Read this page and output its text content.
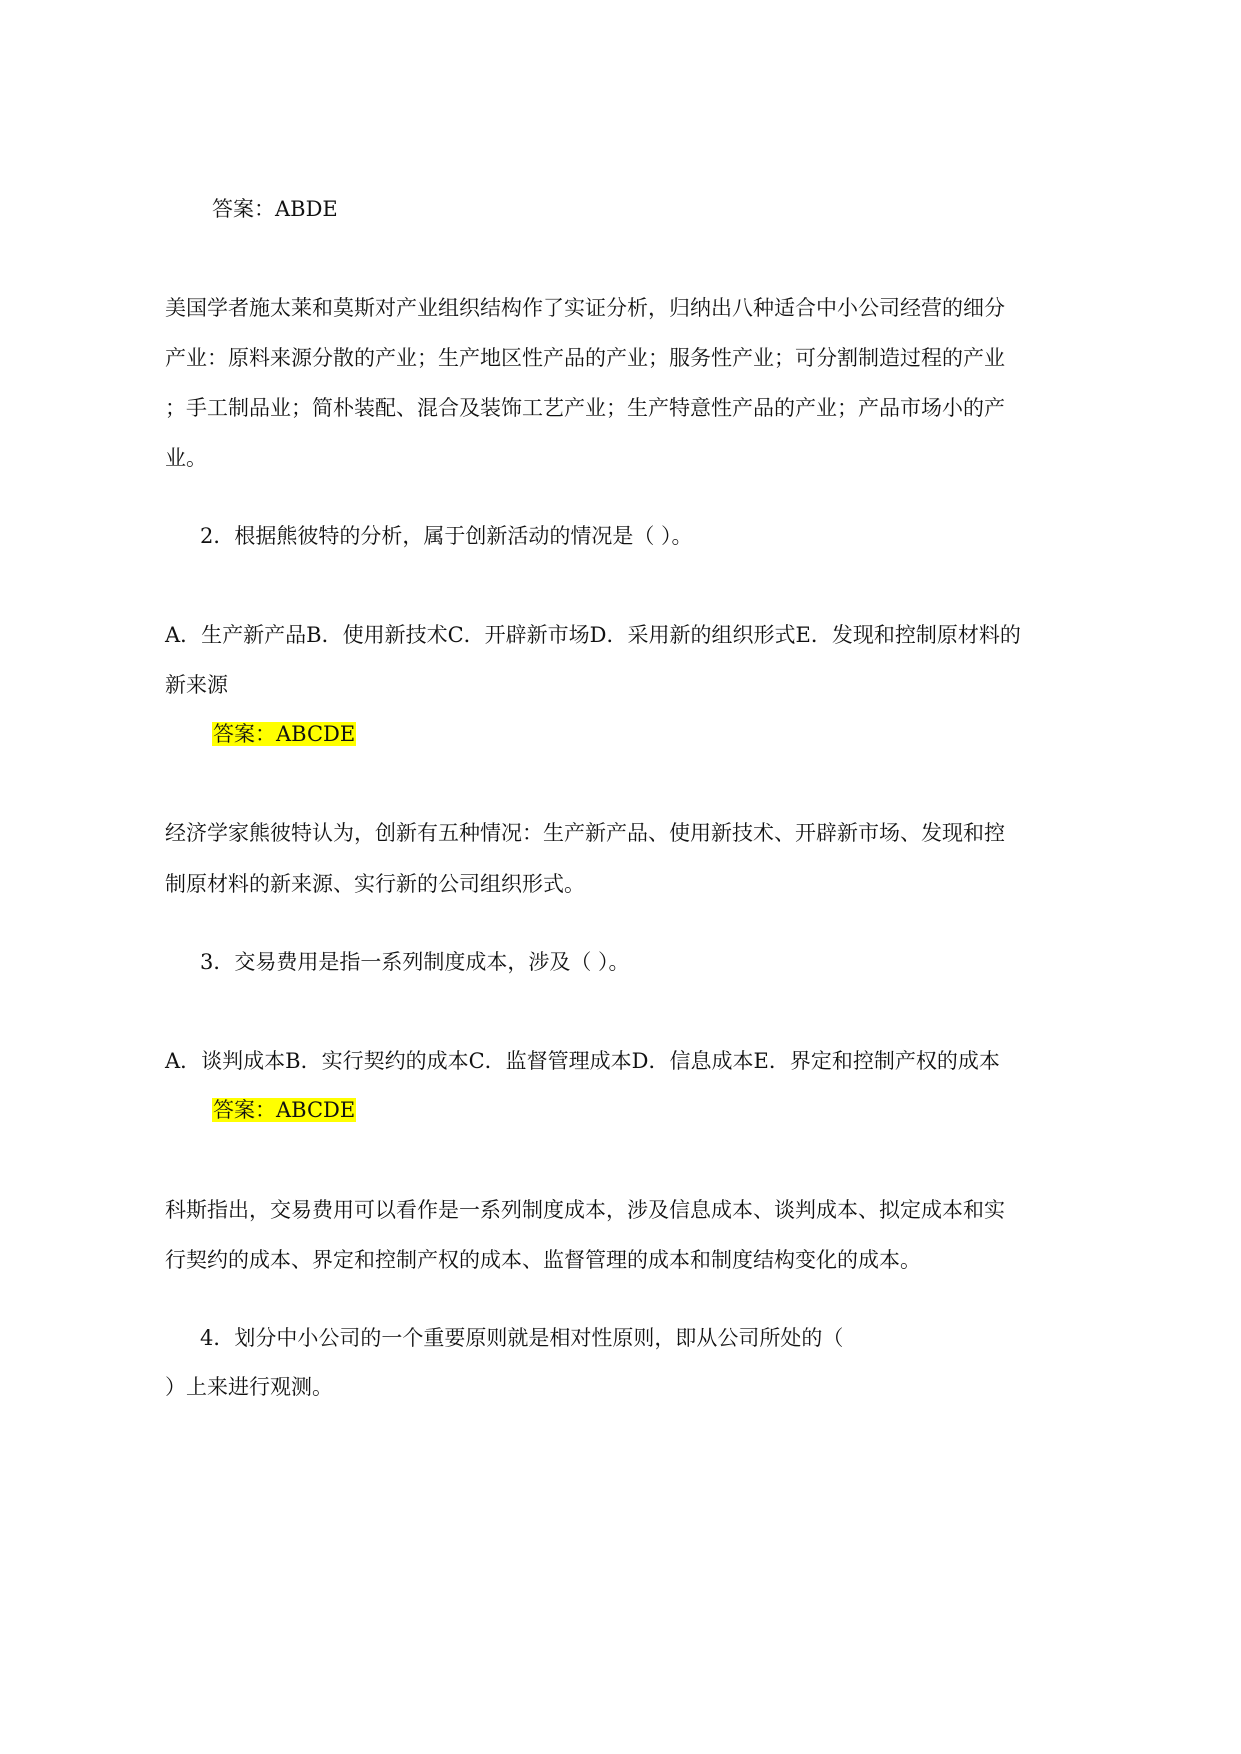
答案：ABDE
美国学者施太莱和莫斯对产业组织结构作了实证分析，归纳出八种适合中小公司经营的细分
产业：原料来源分散的产业；生产地区性产品的产业；服务性产业；可分割制造过程的产业
；手工制品业；简朴装配、混合及装饰工艺产业；生产特意性产品的产业；产品市场小的产
业。
2．根据熊彼特的分析，属于创新活动的情况是（ ）。
A．生产新产品B．使用新技术C．开辟新市场D．采用新的组织形式E．发现和控制原材料的
新来源
答案：ABCDE
经济学家熊彼特认为，创新有五种情况：生产新产品、使用新技术、开辟新市场、发现和控
制原材料的新来源、实行新的公司组织形式。
3．交易费用是指一系列制度成本，涉及（ ）。
A．谈判成本B．实行契约的成本C．监督管理成本D．信息成本E．界定和控制产权的成本
答案：ABCDE
科斯指出，交易费用可以看作是一系列制度成本，涉及信息成本、谈判成本、拟定成本和实
行契约的成本、界定和控制产权的成本、监督管理的成本和制度结构变化的成本。
4．划分中小公司的一个重要原则就是相对性原则，即从公司所处的（
）上来进行观测。
